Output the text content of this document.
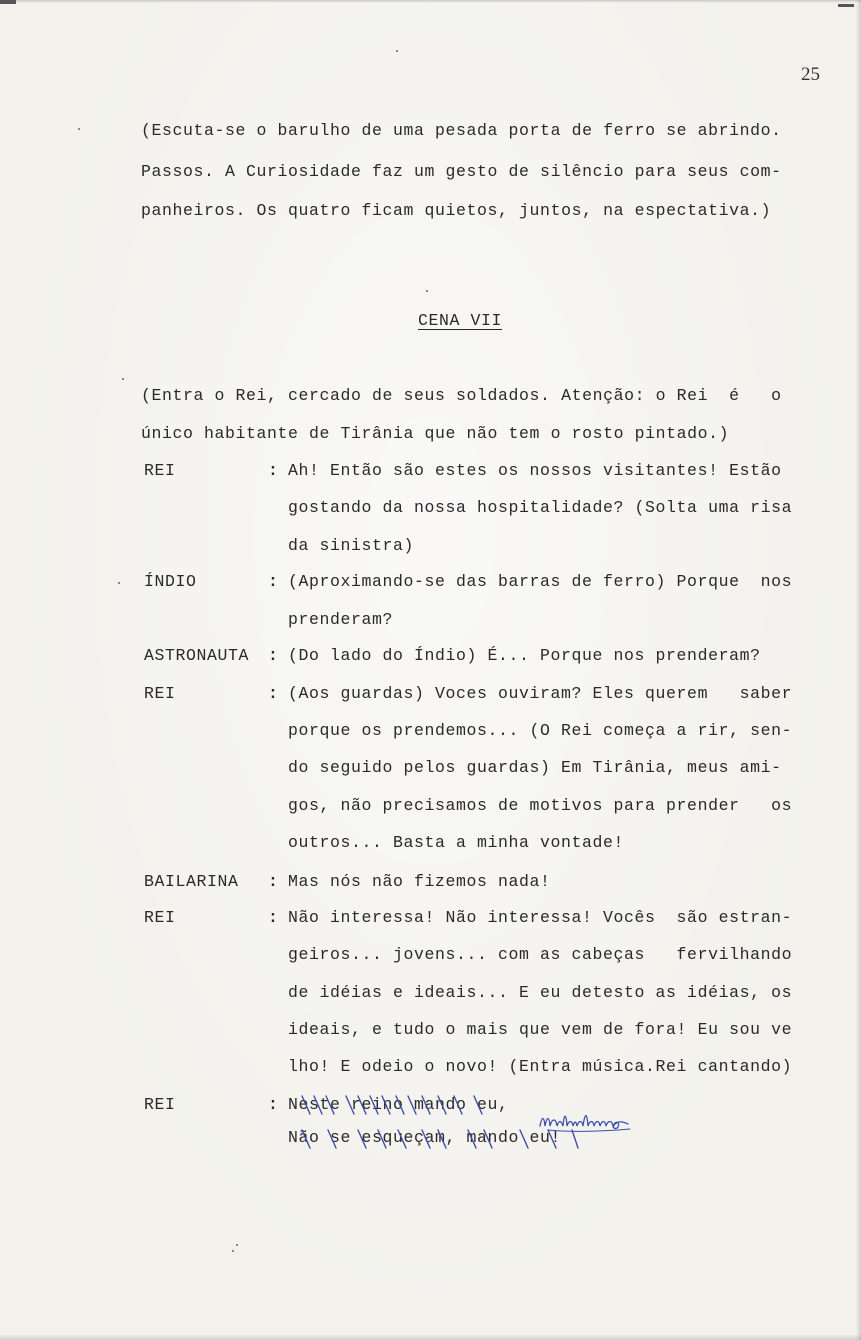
25
(Escuta-se o barulho de uma pesada porta de ferro se abrindo.
Passos. A Curiosidade faz um gesto de silêncio para seus com-
panheiros. Os quatro ficam quietos, juntos, na espectativa.)
CENA VII
(Entra o Rei, cercado de seus soldados. Atenção: o Rei  é   o
único habitante de Tirânia que não tem o rosto pintado.)
REI	: Ah! Então são estes os nossos visitantes! Estão
gostando da nossa hospitalidade? (Solta uma risa
da sinistra)
ÍNDIO	: (Aproximando-se das barras de ferro) Porque  nos
prenderam?
ASTRONAUTA : (Do lado do Índio) É... Porque nos prenderam?
REI	: (Aos guardas) Voces ouviram? Eles querem   saber
porque os prendemos... (O Rei começa a rir, sen-
do seguido pelos guardas) Em Tirânia, meus ami-
gos, não precisamos de motivos para prender   os
outros... Basta a minha vontade!
BAILARINA : Mas nós não fizemos nada!
REI	: Não interessa! Não interessa! Vocês  são estran-
geiros... jovens... com as cabeças   fervilhando
de idéias e ideais... E eu detesto as idéias, os
ideais, e tudo o mais que vem de fora! Eu sou ve
lho! E odeio o novo! (Entra música.Rei cantando)
REI	: Neste reino mando eu,
Não se esqueçam, mando eu!
